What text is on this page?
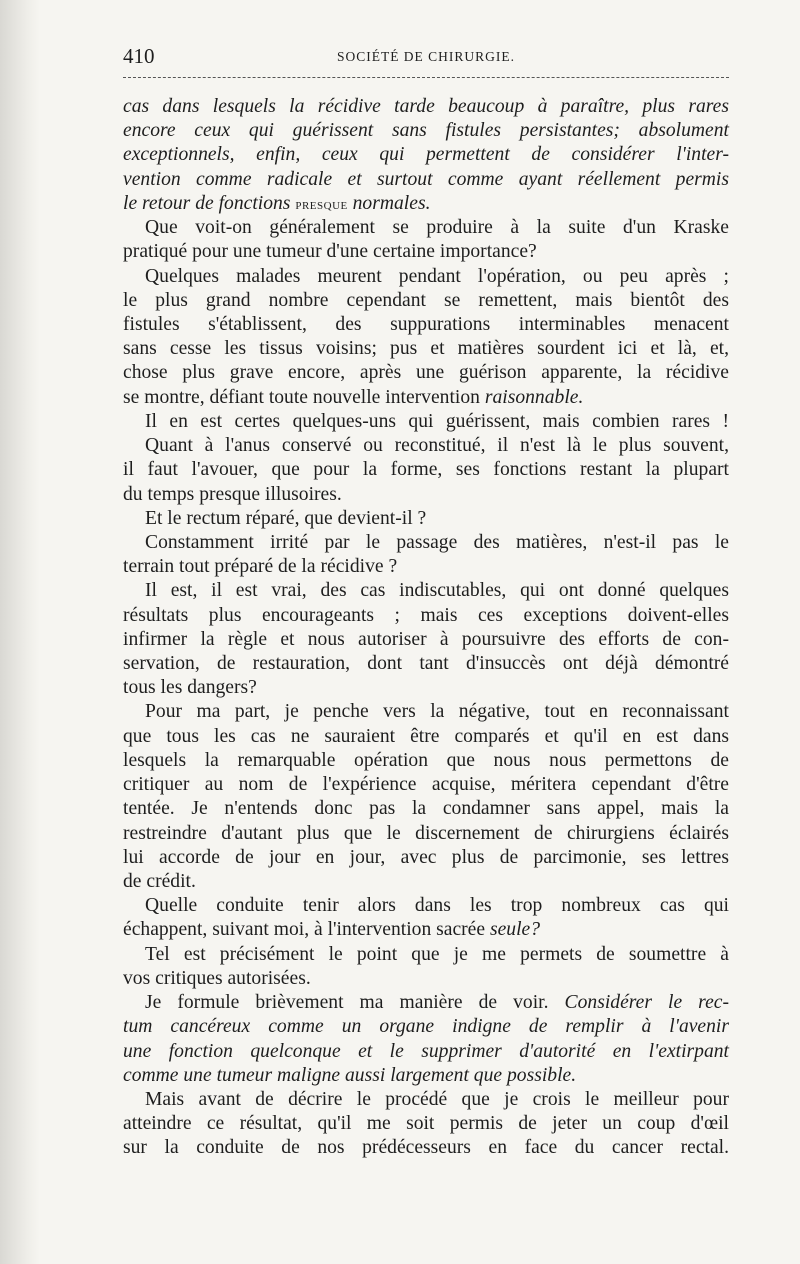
410	SOCIÉTÉ DE CHIRURGIE.
cas dans lesquels la récidive tarde beaucoup à paraître, plus rares
encore ceux qui guérissent sans fistules persistantes; absolument
exceptionnels, enfin, ceux qui permettent de considérer l'inter-
vention comme radicale et surtout comme ayant réellement permis
le retour de fonctions presque normales.
Que voit-on généralement se produire à la suite d'un Kraske
pratiqué pour une tumeur d'une certaine importance?
Quelques malades meurent pendant l'opération, ou peu après ;
le plus grand nombre cependant se remettent, mais bientôt des
fistules s'établissent, des suppurations interminables menacent
sans cesse les tissus voisins; pus et matières sourdent ici et là, et,
chose plus grave encore, après une guérison apparente, la récidive
se montre, défiant toute nouvelle intervention raisonnable.
Il en est certes quelques-uns qui guérissent, mais combien rares !
Quant à l'anus conservé ou reconstitué, il n'est là le plus souvent,
il faut l'avouer, que pour la forme, ses fonctions restant la plupart
du temps presque illusoires.
Et le rectum réparé, que devient-il ?
Constamment irrité par le passage des matières, n'est-il pas le
terrain tout préparé de la récidive ?
Il est, il est vrai, des cas indiscutables, qui ont donné quelques
résultats plus encourageants ; mais ces exceptions doivent-elles
infirmer la règle et nous autoriser à poursuivre des efforts de con-
servation, de restauration, dont tant d'insuccès ont déjà démontré
tous les dangers?
Pour ma part, je penche vers la négative, tout en reconnaissant
que tous les cas ne sauraient être comparés et qu'il en est dans
lesquels la remarquable opération que nous nous permettons de
critiquer au nom de l'expérience acquise, méritera cependant d'être
tentée. Je n'entends donc pas la condamner sans appel, mais la
restreindre d'autant plus que le discernement de chirurgiens éclairés
lui accorde de jour en jour, avec plus de parcimonie, ses lettres
de crédit.
Quelle conduite tenir alors dans les trop nombreux cas qui
échappent, suivant moi, à l'intervention sacrée seule?
Tel est précisément le point que je me permets de soumettre à
vos critiques autorisées.
Je formule brièvement ma manière de voir. Considérer le rec-
tum cancéreux comme un organe indigne de remplir à l'avenir
une fonction quelconque et le supprimer d'autorité en l'extirpant
comme une tumeur maligne aussi largement que possible.
Mais avant de décrire le procédé que je crois le meilleur pour
atteindre ce résultat, qu'il me soit permis de jeter un coup d'œil
sur la conduite de nos prédécesseurs en face du cancer rectal.
